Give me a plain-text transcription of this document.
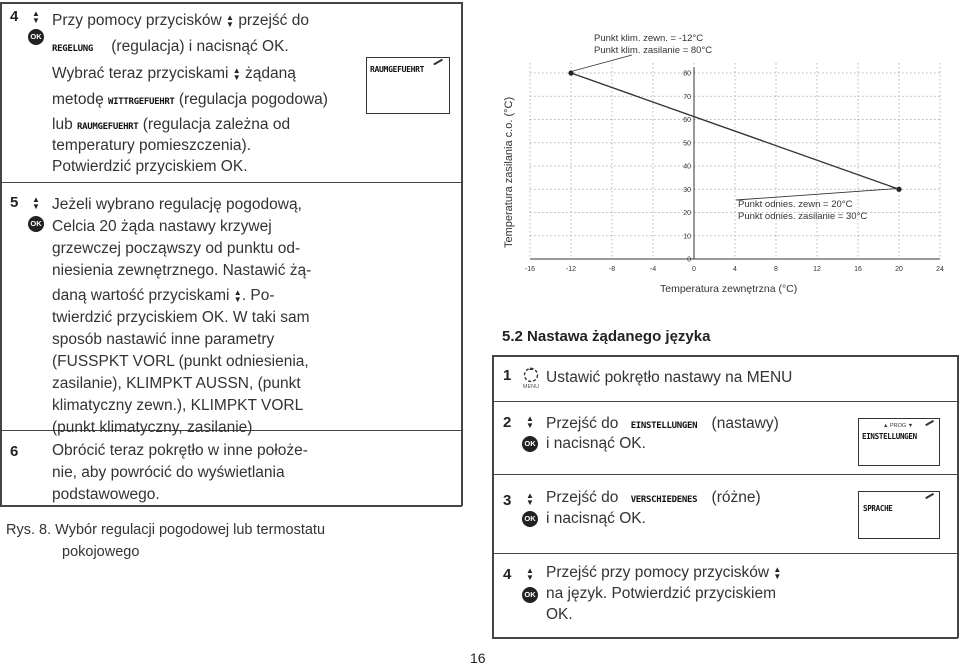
4 ▲
▼
OK
Przy pomocy przycisków ▲
▼ przejść do
REGELUNG (regulacja) i nacisnąć OK.
Wybrać teraz przyciskami ▲
▼ żądaną
metodę WITTRGEFUEHRT (regulacja pogodowa)
lub RAUMGEFUEHRT (regulacja zależna od
temperatury pomieszczenia).
Potwierdzić przyciskiem OK.
RAUMGEFUEHRT
5 ▲
▼
OK
Jeżeli wybrano regulację pogodową,
Celcia 20 żąda nastawy krzywej
grzewczej począwszy od punktu od-
niesienia zewnętrznego. Nastawić żą-
daną wartość przyciskami ▲
▼. Po-
twierdzić przyciskiem OK. W taki sam
sposób nastawić inne parametry
(FUSSPKT VORL (punkt odniesienia,
zasilanie), KLIMPKT AUSSN, (punkt
klimatyczny zewn.), KLIMPKT VORL
(punkt klimatyczny, zasilanie)
6 Obrócić teraz pokrętło w inne położe-
nie, aby powrócić do wyświetlania
podstawowego.
Rys. 8. Wybór regulacji pogodowej lub termostatu
pokojowego
-16	-12	-8	-4	0	4	8	12	16	20	24
0
10
20
30
40
50
60
70
80
Temperatura zasilania c.o. (°C)
Punkt klim. zewn. = -12°C
Punkt klim. zasilanie = 80°C
Punkt odnies. zewn = 20°C
Punkt odnies. zasilanie = 30°C
Temperatura zewnętrzna (°C)
5.2 Nastawa żądanego języka
1
MENU
Ustawić pokrętło nastawy na MENU
2 ▲
▼
OK
Przejść do EINSTELLUNGEN (nastawy)
i nacisnąć OK.
▲ PROG ▼
EINSTELLUNGEN
3 ▲
▼
OK
Przejść do VERSCHIEDENES (różne)
i nacisnąć OK.
SPRACHE
4 ▲
▼
OK
Przejść przy pomocy przycisków ▲
▼
na język. Potwierdzić przyciskiem
OK.
16
